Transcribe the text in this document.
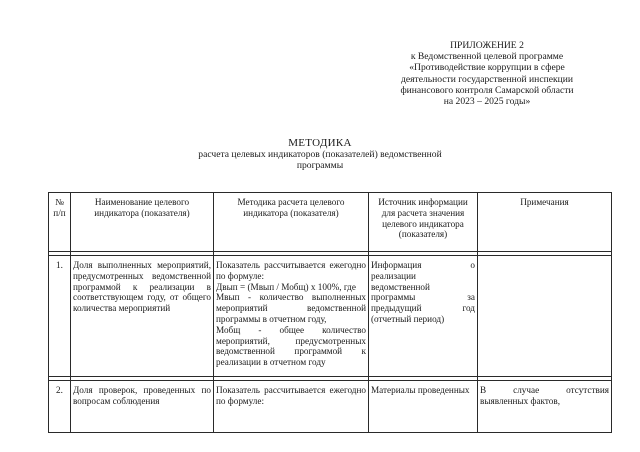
ПРИЛОЖЕНИЕ 2
к Ведомственной целевой программе
«Противодействие коррупции в сфере
деятельности государственной инспекции
финансового контроля Самарской области
на 2023 – 2025 годы»
МЕТОДИКА
расчета целевых индикаторов (показателей) ведомственной
программы
№ п/п	Наименование целевого индикатора (показателя)	Методика расчета целевого индикатора (показателя)	Источник информации для расчета значения целевого индикатора (показателя)	Примечания

1.	Доля выполненных мероприятий, предусмотренных ведомственной программой к реализации в соответствующем году, от общего количества мероприятий	Показатель рассчитывается ежегодно по формуле:
Двып = (Мвып / Мобщ) х 100%, где
Мвып - количество выполненных мероприятий ведомственной программы в отчетном году,
Мобщ - общее количество мероприятий, предусмотренных ведомственной программой к реализации в отчетном году	Информация о реализации ведомственной программы за предыдущий год (отчетный период)	

2.	Доля проверок, проведенных по вопросам соблюдения	Показатель рассчитывается ежегодно по формуле:	Материалы проведенных	В случае отсутствия выявленных фактов,
